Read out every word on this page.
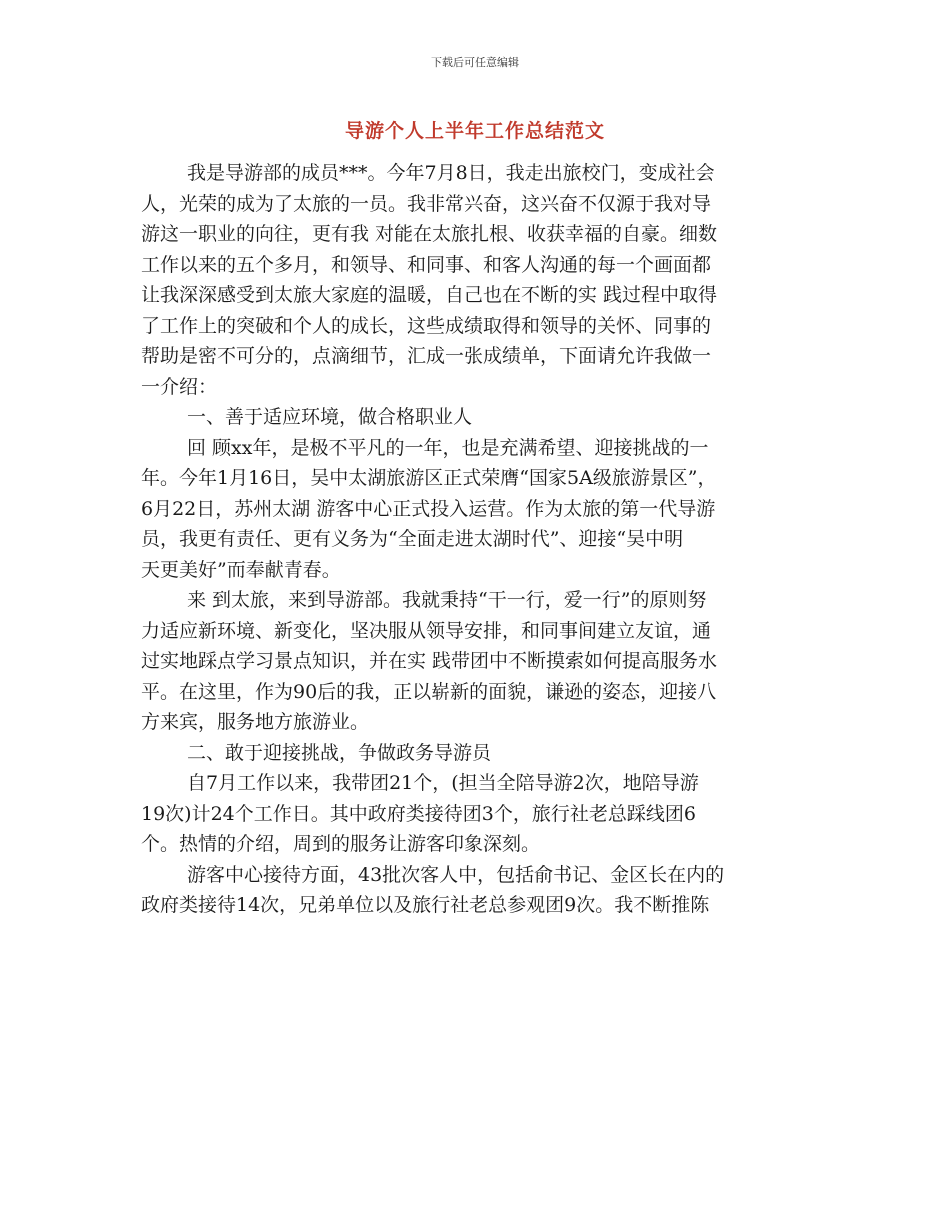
下载后可任意编辑
导游个人上半年工作总结范文
我是导游部的成员***。今年7月8日，我走出旅校门，变成社会
人，光荣的成为了太旅的一员。我非常兴奋，这兴奋不仅源于我对导
游这一职业的向往，更有我 对能在太旅扎根、收获幸福的自豪。细数
工作以来的五个多月，和领导、和同事、和客人沟通的每一个画面都
让我深深感受到太旅大家庭的温暖，自己也在不断的实 践过程中取得
了工作上的突破和个人的成长，这些成绩取得和领导的关怀、同事的
帮助是密不可分的，点滴细节，汇成一张成绩单，下面请允许我做一
一介绍：
一、善于适应环境，做合格职业人
回 顾xx年，是极不平凡的一年，也是充满希望、迎接挑战的一
年。今年1月16日，吴中太湖旅游区正式荣膺“国家5A级旅游景区”，
6月22日，苏州太湖 游客中心正式投入运营。作为太旅的第一代导游
员，我更有责任、更有义务为“全面走进太湖时代”、迎接“吴中明
天更美好”而奉献青春。
来 到太旅，来到导游部。我就秉持“干一行，爱一行”的原则努
力适应新环境、新变化，坚决服从领导安排，和同事间建立友谊，通
过实地踩点学习景点知识，并在实 践带团中不断摸索如何提高服务水
平。在这里，作为90后的我，正以崭新的面貌，谦逊的姿态，迎接八
方来宾，服务地方旅游业。
二、敢于迎接挑战，争做政务导游员
自7月工作以来，我带团21个，(担当全陪导游2次，地陪导游
19次)计24个工作日。其中政府类接待团3个，旅行社老总踩线团6
个。热情的介绍，周到的服务让游客印象深刻。
游客中心接待方面，43批次客人中，包括俞书记、金区长在内的
政府类接待14次，兄弟单位以及旅行社老总参观团9次。我不断推陈
